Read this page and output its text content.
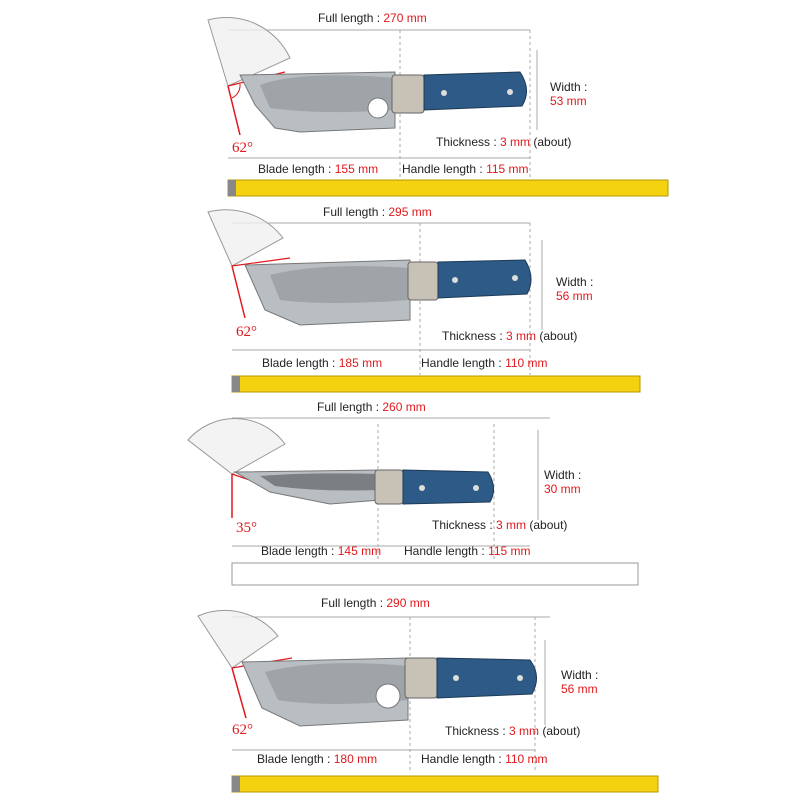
Full length : 270 mm
Width :
53 mm
Thickness : 3 mm (about)
62°
Blade length : 155 mm Handle length : 115 mm
Full length : 295 mm
Width :
56 mm
Thickness : 3 mm (about)
62°
Blade length : 185 mm	Handle length : 110 mm
Full length : 260 mm
Width :
30 mm
Thickness : 3 mm (about)
35°
Blade length : 145 mm Handle length : 115 mm
Full length : 290 mm
Width :
56 mm
Thickness : 3 mm (about)
62°
Blade length : 180 mm	Handle length : 110 mm
